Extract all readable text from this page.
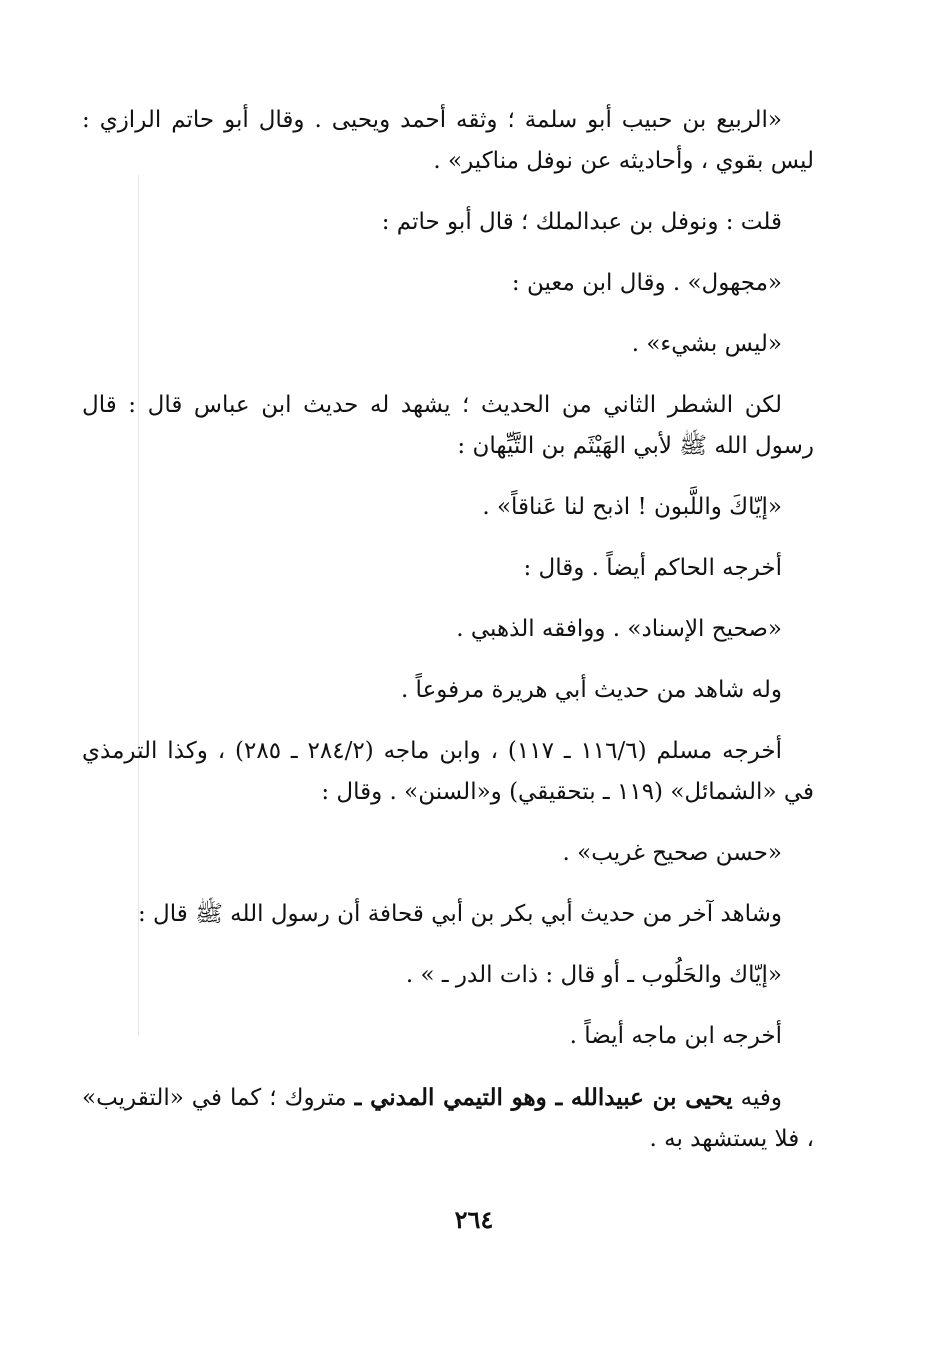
«الربيع بن حبيب أبو سلمة ؛ وثقه أحمد ويحيى . وقال أبو حاتم الرازي : ليس بقوي ، وأحاديثه عن نوفل مناكير» .

قلت : ونوفل بن عبدالملك ؛ قال أبو حاتم :

«مجهول» . وقال ابن معين :

«ليس بشيء» .

لكن الشطر الثاني من الحديث ؛ يشهد له حديث ابن عباس قال : قال رسول الله ﷺ لأبي الهَيْثَم بن التَّيِّهان :

«إيّاكَ واللَّبون ! اذبح لنا عَناقاً» .

أخرجه الحاكم أيضاً . وقال :

«صحيح الإسناد» . ووافقه الذهبي .

وله شاهد من حديث أبي هريرة مرفوعاً .

أخرجه مسلم (١١٦/٦ ـ ١١٧) ، وابن ماجه (٢٨٤/٢ ـ ٢٨٥) ، وكذا الترمذي في «الشمائل» (١١٩ ـ بتحقيقي) و«السنن» . وقال :

«حسن صحيح غريب» .

وشاهد آخر من حديث أبي بكر بن أبي قحافة أن رسول الله ﷺ قال :

«إيّاك والحَلُوب ـ أو قال : ذات الدر ـ » .

أخرجه ابن ماجه أيضاً .

وفيه يحيى بن عبيدالله ـ وهو التيمي المدني ـ متروك ؛ كما في «التقريب» ، فلا يستشهد به .

٢٦٤
